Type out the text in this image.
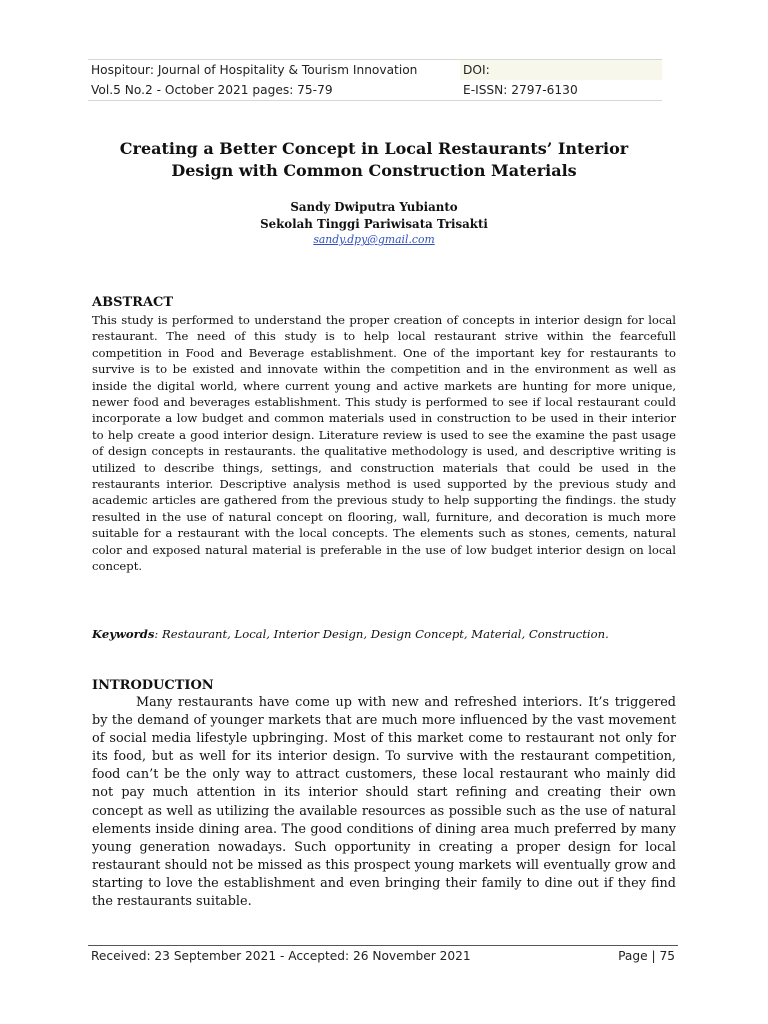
Hospitour: Journal of Hospitality & Tourism Innovation	DOI:
Vol.5 No.2 - October 2021 pages: 75-79	E-ISSN: 2797-6130
Creating a Better Concept in Local Restaurants’ Interior Design with Common Construction Materials
Sandy Dwiputra Yubianto
Sekolah Tinggi Pariwisata Trisakti
sandy.dpy@gmail.com
ABSTRACT

This study is performed to understand the proper creation of concepts in interior design for local restaurant. The need of this study is to help local restaurant strive within the fearcefull competition in Food and Beverage establishment. One of the important key for restaurants to survive is to be existed and innovate within the competition and in the environment as well as inside the digital world, where current young and active markets are hunting for more unique, newer food and beverages establishment. This study is performed to see if local restaurant could incorporate a low budget and common materials used in construction to be used in their interior to help create a good interior design. Literature review is used to see the examine the past usage of design concepts in restaurants. the qualitative methodology is used, and descriptive writing is utilized to describe things, settings, and construction materials that could be used in the restaurants interior. Descriptive analysis method is used supported by the previous study and academic articles are gathered from the previous study to help supporting the findings. the study resulted in the use of natural concept on flooring, wall, furniture, and decoration is much more suitable for a restaurant with the local concepts. The elements such as stones, cements, natural color and exposed natural material is preferable in the use of low budget interior design on local concept.

Keywords: Restaurant, Local, Interior Design, Design Concept, Material, Construction.
INTRODUCTION

Many restaurants have come up with new and refreshed interiors. It’s triggered by the demand of younger markets that are much more influenced by the vast movement of social media lifestyle upbringing. Most of this market come to restaurant not only for its food, but as well for its interior design. To survive with the restaurant competition, food can’t be the only way to attract customers, these local restaurant who mainly did not pay much attention in its interior should start refining and creating their own concept as well as utilizing the available resources as possible such as the use of natural elements inside dining area. The good conditions of dining area much preferred by many young generation nowadays. Such opportunity in creating a proper design for local restaurant should not be missed as this prospect young markets will eventually grow and starting to love the establishment and even bringing their family to dine out if they find the restaurants suitable.

Received: 23 September 2021 - Accepted: 26 November 2021	Page | 75
